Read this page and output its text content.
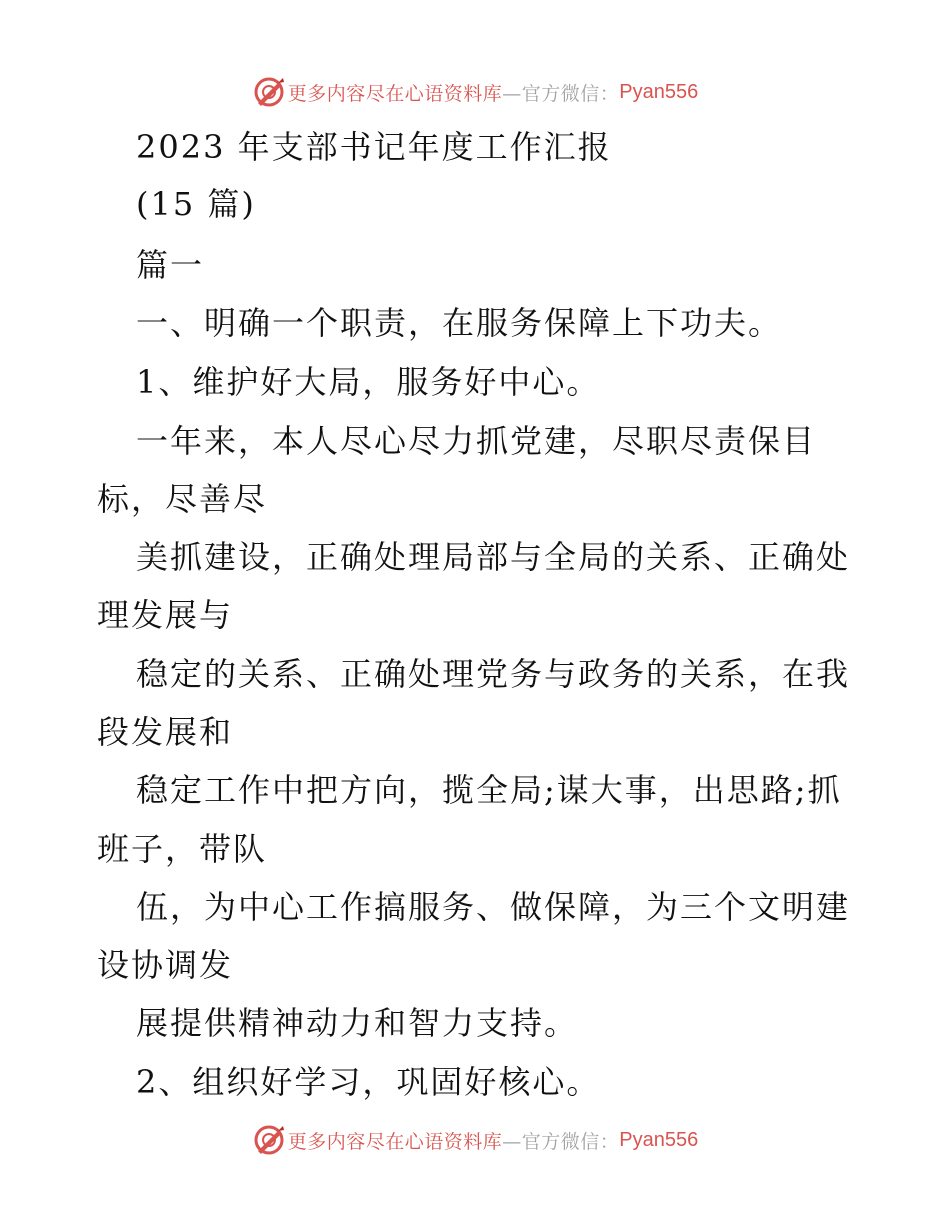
更多内容尽在心语资料库 —官方微信： Pyan556
2023 年支部书记年度工作汇报
(15 篇)
篇一
一、明确一个职责，在服务保障上下功夫。
1、维护好大局，服务好中心。
一年来，本人尽心尽力抓党建，尽职尽责保目
标，尽善尽
美抓建设，正确处理局部与全局的关系、正确处
理发展与
稳定的关系、正确处理党务与政务的关系，在我
段发展和
稳定工作中把方向，揽全局;谋大事，出思路;抓
班子，带队
伍，为中心工作搞服务、做保障，为三个文明建
设协调发
展提供精神动力和智力支持。
2、组织好学习，巩固好核心。
更多内容尽在心语资料库 —官方微信： Pyan556
